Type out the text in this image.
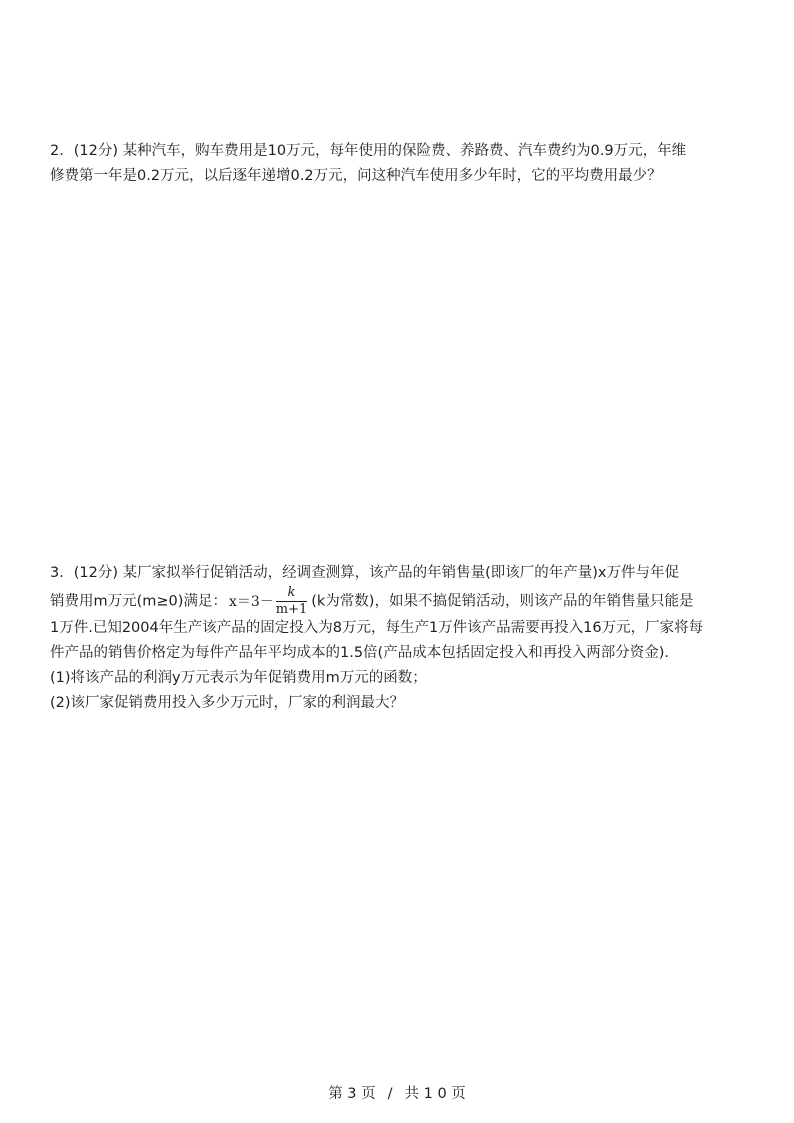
2．(12分) 某种汽车，购车费用是10万元，每年使用的保险费、养路费、汽车费约为0.9万元，年维
修费第一年是0.2万元，以后逐年递增0.2万元，问这种汽车使用多少年时，它的平均费用最少？
3．(12分) 某厂家拟举行促销活动，经调查测算，该产品的年销售量(即该厂的年产量)x万件与年促
销费用m万元(m≥0)满足： $x=3- \frac{k}{m+1} (k$为常数)，如果不搞促销活动，则该产品的年销售量只能是
1万件.已知2004年生产该产品的固定投入为8万元，每生产1万件该产品需要再投入16万元，厂家将每
件产品的销售价格定为每件产品年平均成本的1.5倍(产品成本包括固定投入和再投入两部分资金).
(1)将该产品的利润y万元表示为年促销费用m万元的函数；
(2)该厂家促销费用投入多少万元时，厂家的利润最大？
第 3 页 / 共 1 0 页
